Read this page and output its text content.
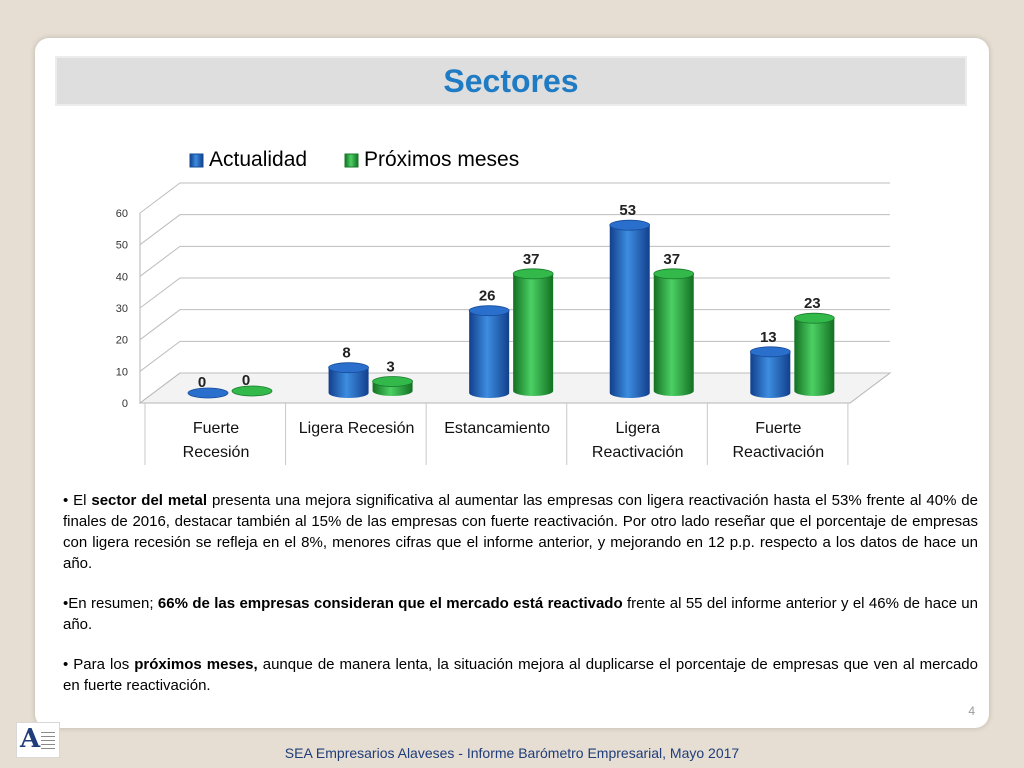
Sectores
0
10
20
30
40
50
60
0 0
8
3
26
37
53
37
13
23
Fuerte
Recesión
Ligera Recesión Estancamiento	Ligera
Reactivación
Fuerte
Reactivación
Actualidad	Próximos meses

• El sector del metal presenta una mejora significativa al aumentar las empresas con ligera reactivación hasta el 53% frente al 40% de finales de 2016, destacar también al 15% de las empresas con fuerte reactivación. Por otro lado reseñar que el porcentaje de empresas con ligera recesión se refleja en el 8%, menores cifras que el informe anterior, y mejorando en 12 p.p. respecto a los datos de hace un año.

•En resumen; 66% de las empresas consideran que el mercado está reactivado frente al 55 del informe anterior y el 46% de hace un año.

• Para los próximos meses, aunque de manera lenta, la situación mejora al duplicarse el porcentaje de empresas que ven al mercado en fuerte reactivación.

4
A	SEA Empresarios Alaveses - Informe Barómetro Empresarial, Mayo 2017
